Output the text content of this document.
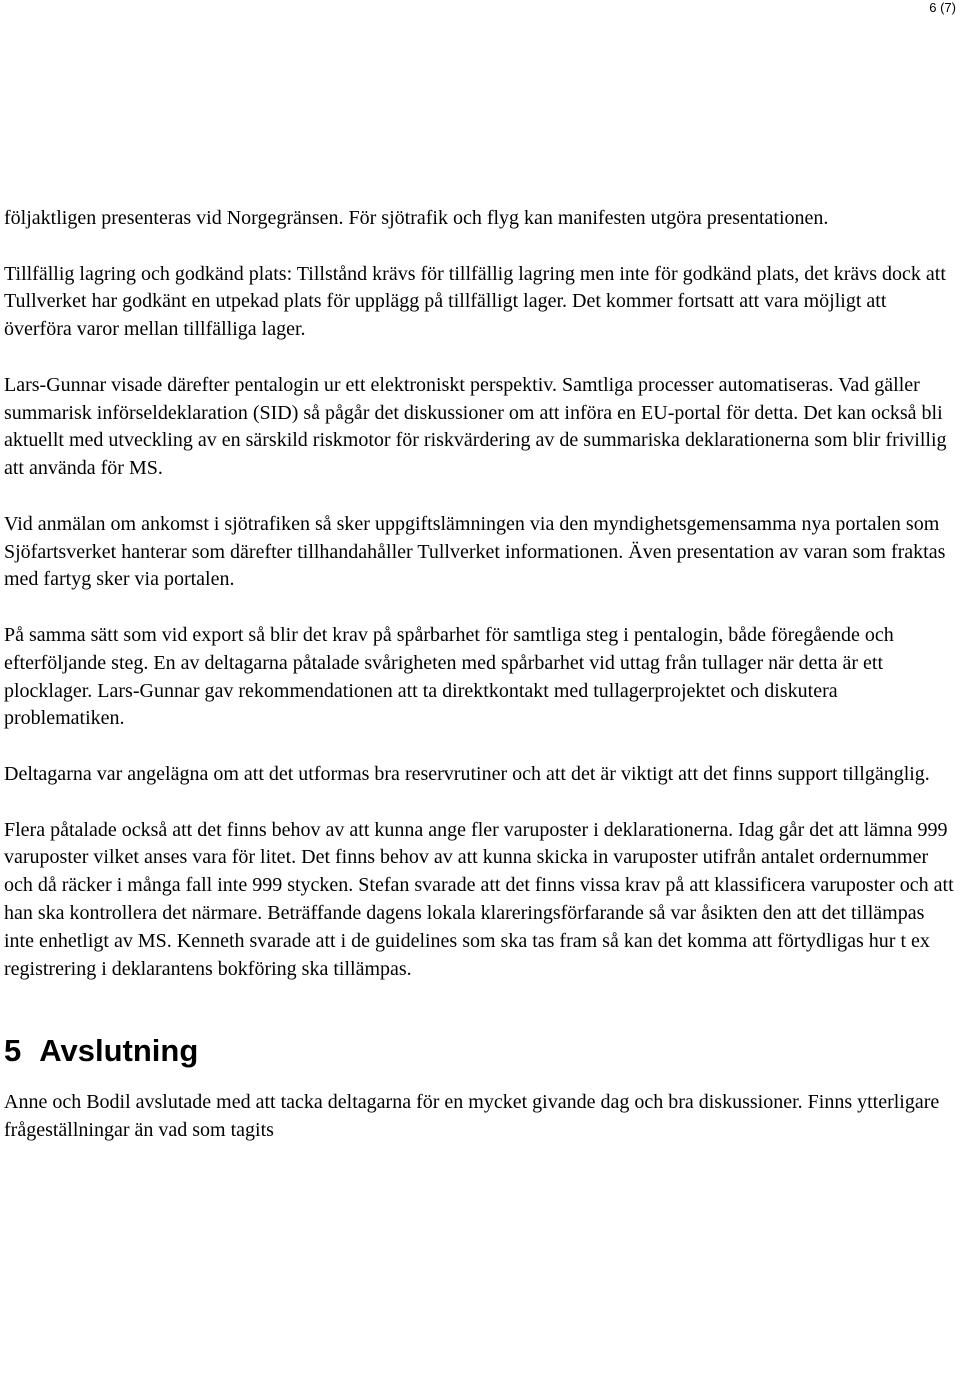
6 (7)

följaktligen presenteras vid Norgegränsen. För sjötrafik och flyg kan manifesten utgöra presentationen.

Tillfällig lagring och godkänd plats: Tillstånd krävs för tillfällig lagring men inte för godkänd plats, det krävs dock att Tullverket har godkänt en utpekad plats för upplägg på tillfälligt lager. Det kommer fortsatt att vara möjligt att överföra varor mellan tillfälliga lager.

Lars-Gunnar visade därefter pentalogin ur ett elektroniskt perspektiv. Samtliga processer automatiseras. Vad gäller summarisk införseldeklaration (SID) så pågår det diskussioner om att införa en EU-portal för detta. Det kan också bli aktuellt med utveckling av en särskild riskmotor för riskvärdering av de summariska deklarationerna som blir frivillig att använda för MS.

Vid anmälan om ankomst i sjötrafiken så sker uppgiftslämningen via den myndighetsgemensamma nya portalen som Sjöfartsverket hanterar som därefter tillhandahåller Tullverket informationen. Även presentation av varan som fraktas med fartyg sker via portalen.

På samma sätt som vid export så blir det krav på spårbarhet för samtliga steg i pentalogin, både föregående och efterföljande steg. En av deltagarna påtalade svårigheten med spårbarhet vid uttag från tullager när detta är ett plocklager. Lars-Gunnar gav rekommendationen att ta direktkontakt med tullagerprojektet och diskutera problematiken.

Deltagarna var angelägna om att det utformas bra reservrutiner och att det är viktigt att det finns support tillgänglig.

Flera påtalade också att det finns behov av att kunna ange fler varuposter i deklarationerna. Idag går det att lämna 999 varuposter vilket anses vara för litet. Det finns behov av att kunna skicka in varuposter utifrån antalet ordernummer och då räcker i många fall inte 999 stycken. Stefan svarade att det finns vissa krav på att klassificera varuposter och att han ska kontrollera det närmare. Beträffande dagens lokala klareringsförfarande så var åsikten den att det tillämpas inte enhetligt av MS. Kenneth svarade att i de guidelines som ska tas fram så kan det komma att förtydligas hur t ex registrering i deklarantens bokföring ska tillämpas.

5 Avslutning

Anne och Bodil avslutade med att tacka deltagarna för en mycket givande dag och bra diskussioner. Finns ytterligare frågeställningar än vad som tagits
